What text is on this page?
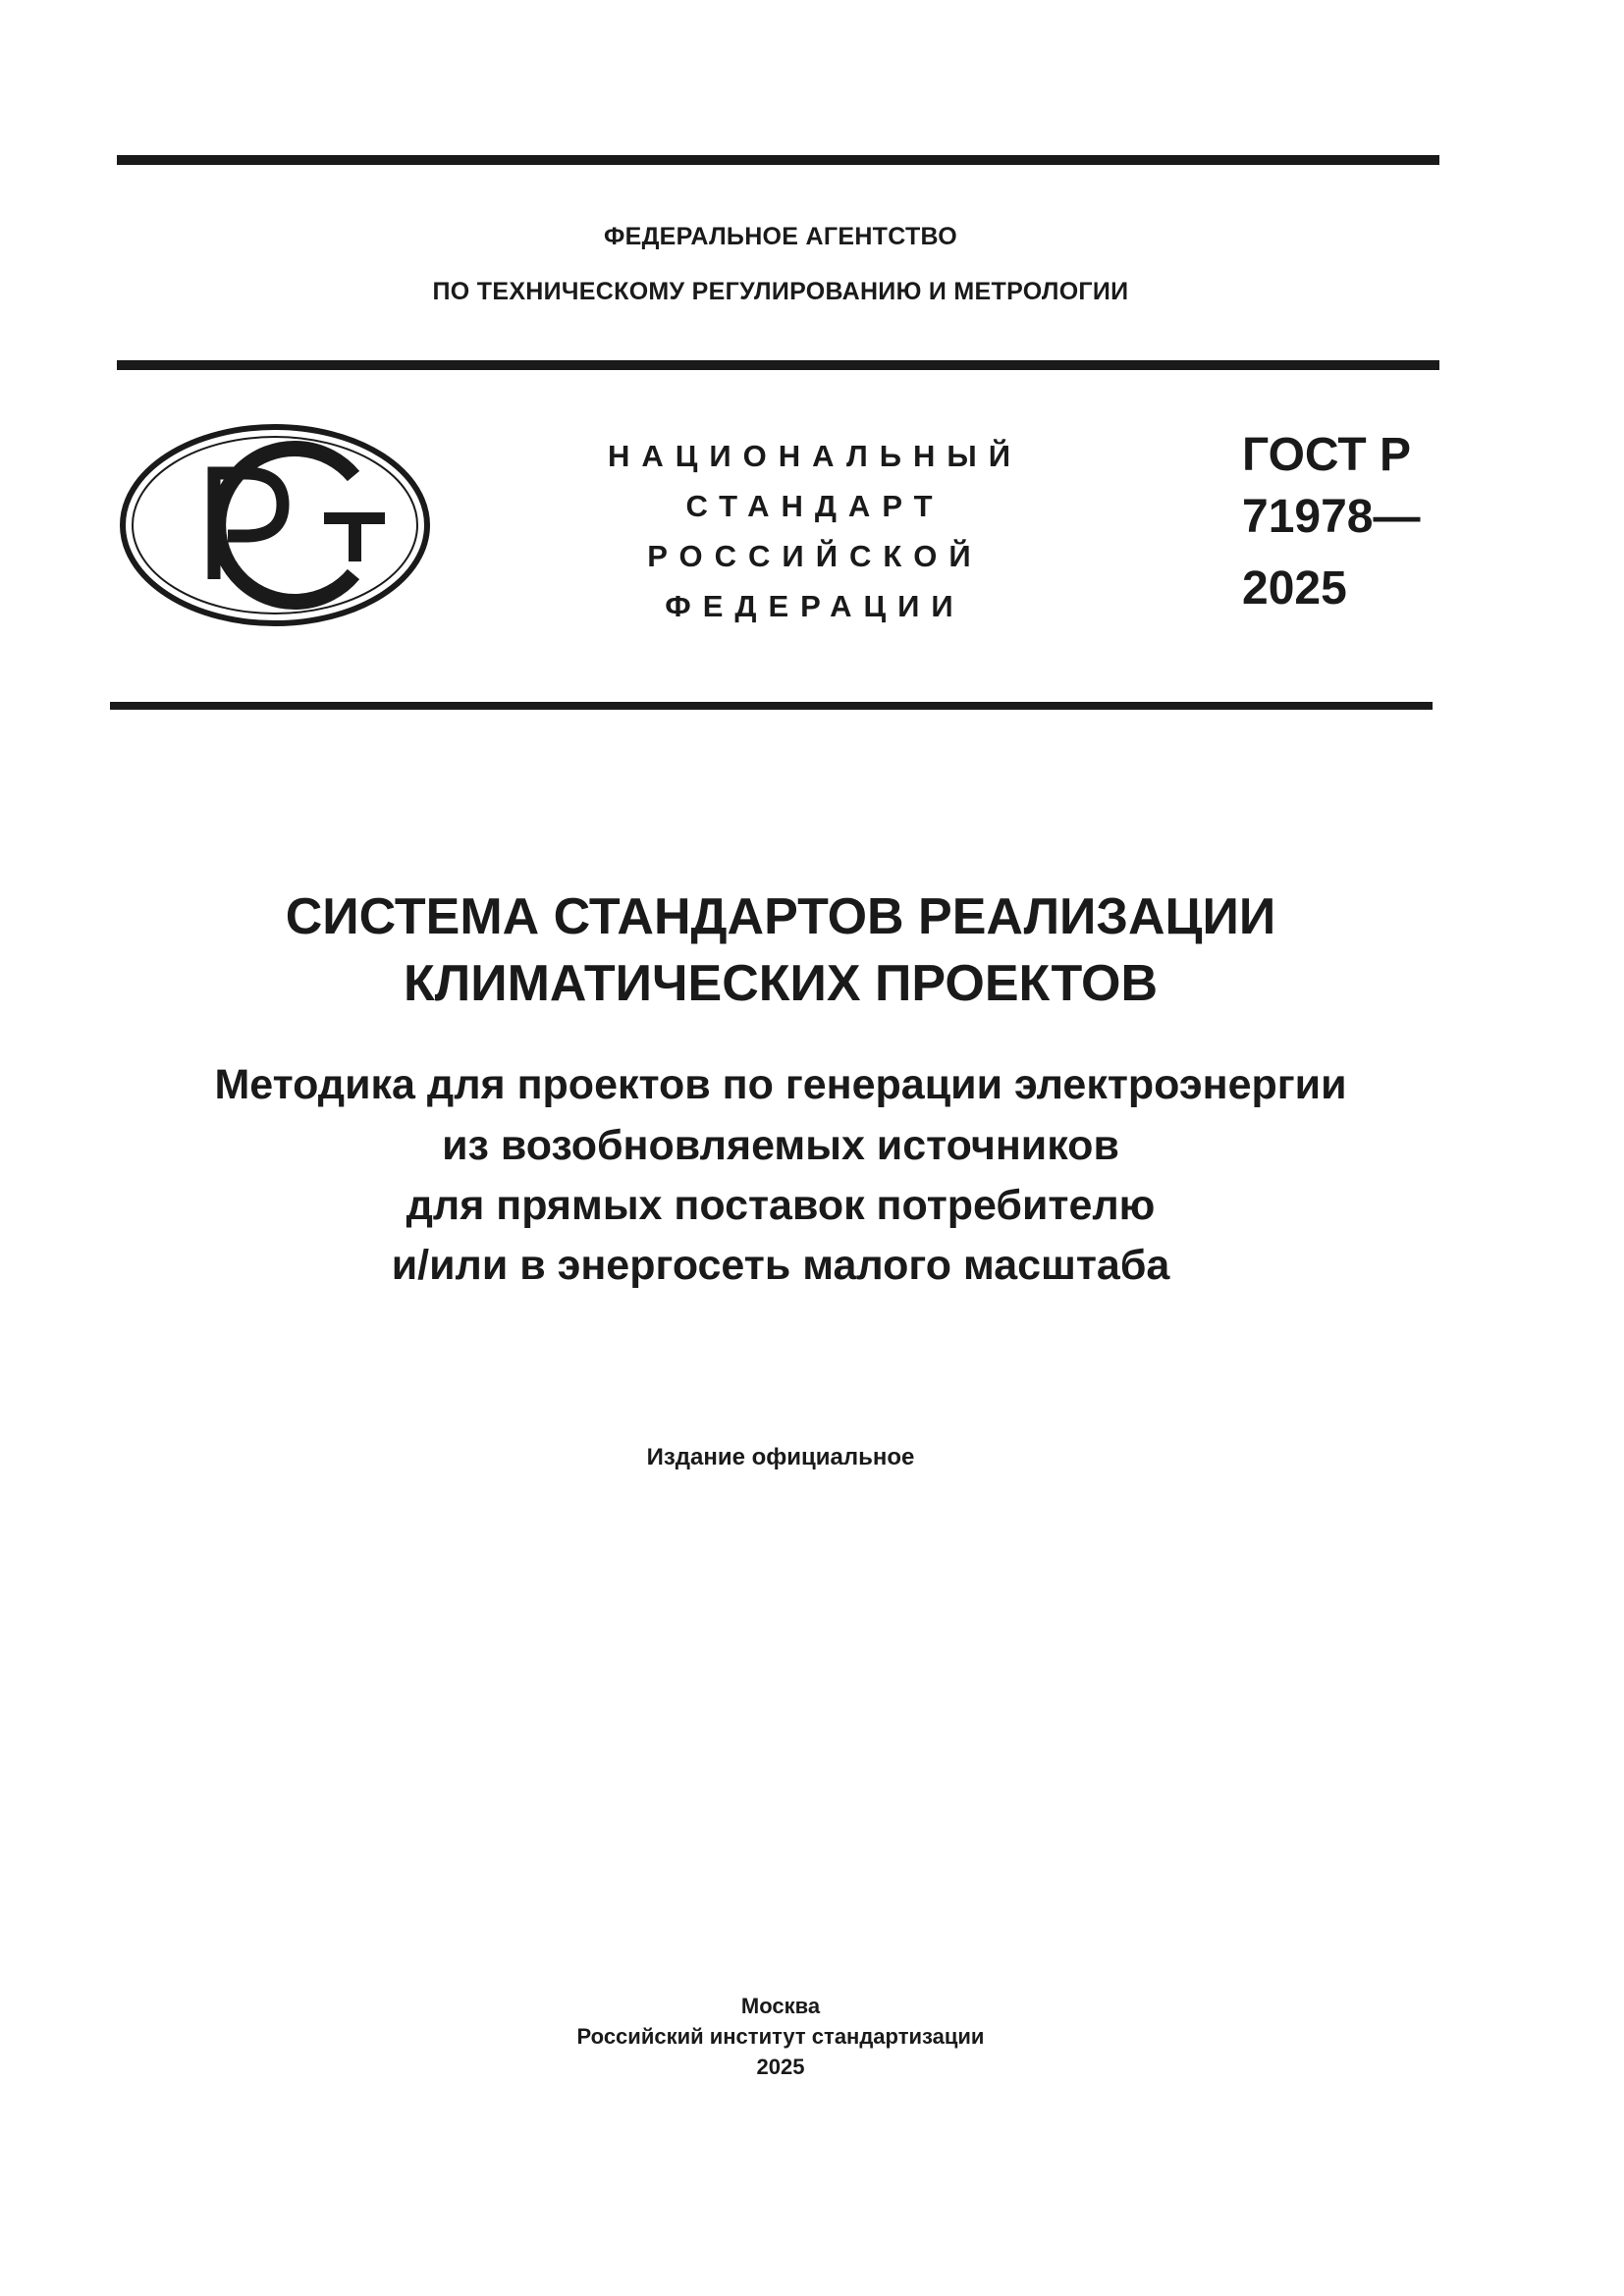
ФЕДЕРАЛЬНОЕ АГЕНТСТВО
ПО ТЕХНИЧЕСКОМУ РЕГУЛИРОВАНИЮ И МЕТРОЛОГИИ
НАЦИОНАЛЬНЫЙ
СТАНДАРТ
РОССИЙСКОЙ
ФЕДЕРАЦИИ
ГОСТ Р
71978—
2025
СИСТЕМА СТАНДАРТОВ РЕАЛИЗАЦИИ
КЛИМАТИЧЕСКИХ ПРОЕКТОВ
Методика для проектов по генерации электроэнергии
из возобновляемых источников
для прямых поставок потребителю
и/или в энергосеть малого масштаба
Издание официальное
Москва
Российский институт стандартизации
2025
